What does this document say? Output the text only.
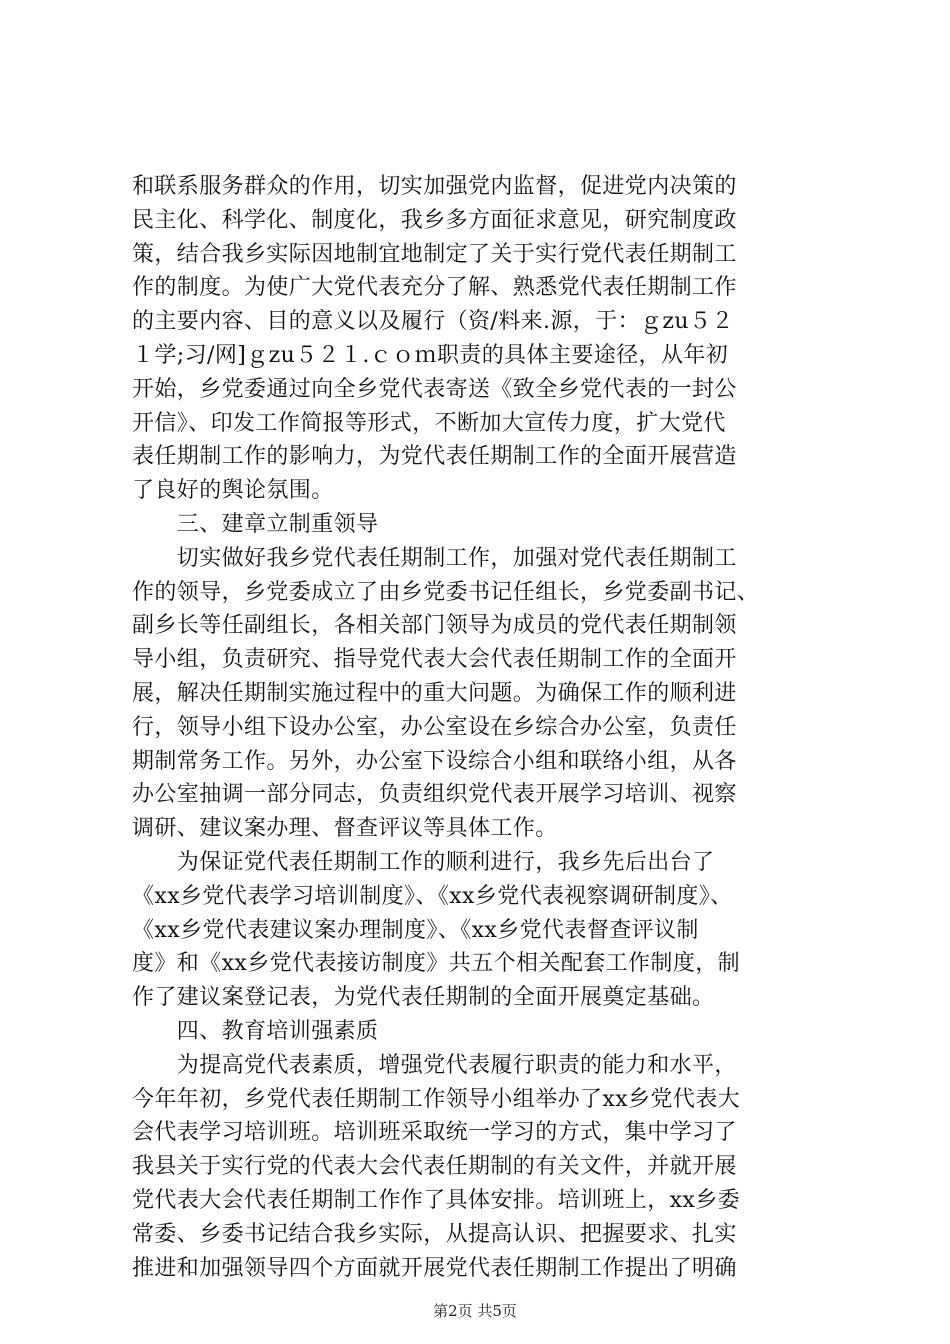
和联系服务群众的作用，切实加强党内监督，促进党内决策的
民主化、科学化、制度化，我乡多方面征求意见，研究制度政
策，结合我乡实际因地制宜地制定了关于实行党代表任期制工
作的制度。为使广大党代表充分了解、熟悉党代表任期制工作
的主要内容、目的意义以及履行（资/料来.源，于：ｇzu５２
１学;习/网]ｇzu５２１.ｃｏｍ职责的具体主要途径，从年初
开始，乡党委通过向全乡党代表寄送《致全乡党代表的一封公
开信》、印发工作简报等形式，不断加大宣传力度，扩大党代
表任期制工作的影响力，为党代表任期制工作的全面开展营造
了良好的舆论氛围。
　　三、建章立制重领导
　　切实做好我乡党代表任期制工作，加强对党代表任期制工
作的领导，乡党委成立了由乡党委书记任组长，乡党委副书记、
副乡长等任副组长，各相关部门领导为成员的党代表任期制领
导小组，负责研究、指导党代表大会代表任期制工作的全面开
展，解决任期制实施过程中的重大问题。为确保工作的顺利进
行，领导小组下设办公室，办公室设在乡综合办公室，负责任
期制常务工作。另外，办公室下设综合小组和联络小组，从各
办公室抽调一部分同志，负责组织党代表开展学习培训、视察
调研、建议案办理、督查评议等具体工作。
　　为保证党代表任期制工作的顺利进行，我乡先后出台了
《xx乡党代表学习培训制度》、《xx乡党代表视察调研制度》、
《xx乡党代表建议案办理制度》、《xx乡党代表督查评议制
度》和《xx乡党代表接访制度》共五个相关配套工作制度，制
作了建议案登记表，为党代表任期制的全面开展奠定基础。
　　四、教育培训强素质
　　为提高党代表素质，增强党代表履行职责的能力和水平，
今年年初，乡党代表任期制工作领导小组举办了xx乡党代表大
会代表学习培训班。培训班采取统一学习的方式，集中学习了
我县关于实行党的代表大会代表任期制的有关文件，并就开展
党代表大会代表任期制工作作了具体安排。培训班上，xx乡委
常委、乡委书记结合我乡实际，从提高认识、把握要求、扎实
推进和加强领导四个方面就开展党代表任期制工作提出了明确
第2页 共5页
